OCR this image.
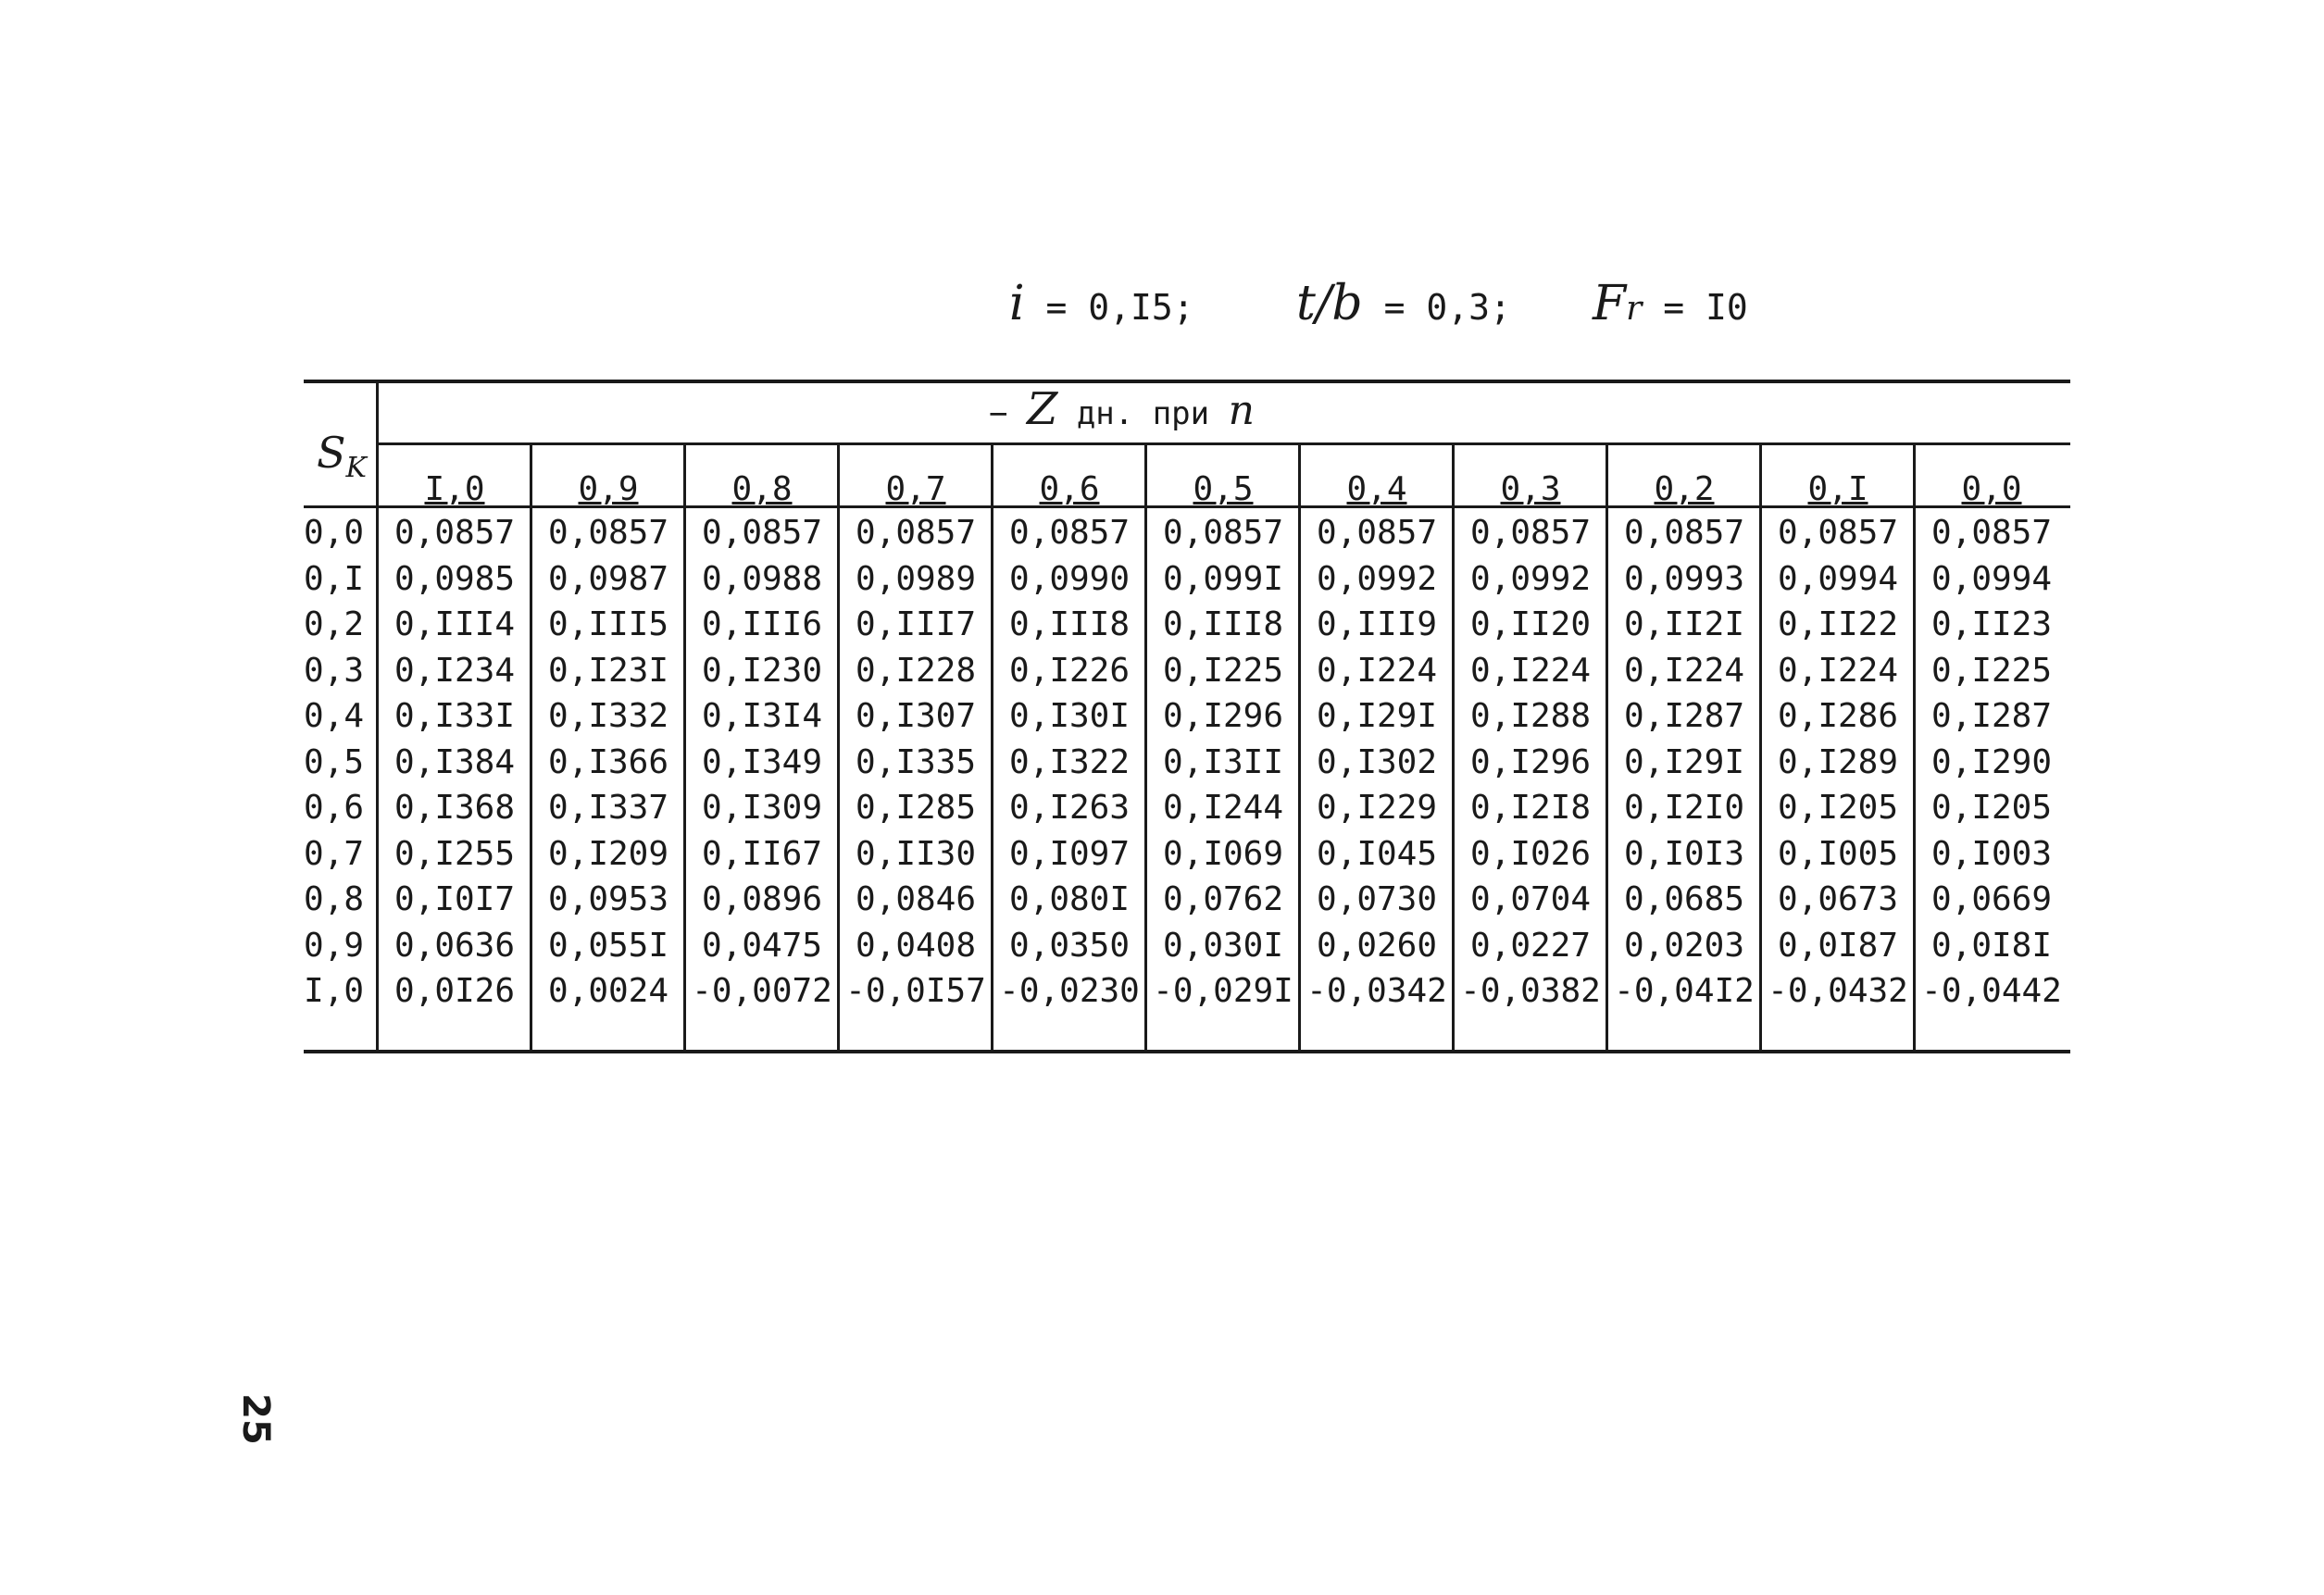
i = 0,I5; t/b = 0,3; Fr = I0
$S_K$
− Z дн. при n
I,0	0,9	0,8	0,7	0,6	0,5	0,4	0,3	0,2	0,I	0,0
0,0 0,0857 0,0857 0,0857 0,0857 0,0857 0,0857 0,0857 0,0857 0,0857 0,0857 0,0857
0,I 0,0985 0,0987 0,0988 0,0989 0,0990 0,099I 0,0992 0,0992 0,0993 0,0994 0,0994
0,2 0,III4 0,III5 0,III6 0,III7 0,III8 0,III8 0,III9 0,II20 0,II2I 0,II22 0,II23
0,3 0,I234 0,I23I 0,I230 0,I228 0,I226 0,I225 0,I224 0,I224 0,I224 0,I224 0,I225
0,4 0,I33I 0,I332 0,I3I4 0,I307 0,I30I 0,I296 0,I29I 0,I288 0,I287 0,I286 0,I287
0,5 0,I384 0,I366 0,I349 0,I335 0,I322 0,I3II 0,I302 0,I296 0,I29I 0,I289 0,I290
0,6 0,I368 0,I337 0,I309 0,I285 0,I263 0,I244 0,I229 0,I2I8 0,I2I0 0,I205 0,I205
0,7 0,I255 0,I209 0,II67 0,II30 0,I097 0,I069 0,I045 0,I026 0,I0I3 0,I005 0,I003
0,8 0,I0I7 0,0953 0,0896 0,0846 0,080I 0,0762 0,0730 0,0704 0,0685 0,0673 0,0669
0,9 0,0636 0,055I 0,0475 0,0408 0,0350 0,030I 0,0260 0,0227 0,0203 0,0I87 0,0I8I
I,0 0,0I26 0,0024 -0,0072 -0,0I57 -0,0230 -0,029I -0,0342 -0,0382 -0,04I2 -0,0432 -0,0442
25
